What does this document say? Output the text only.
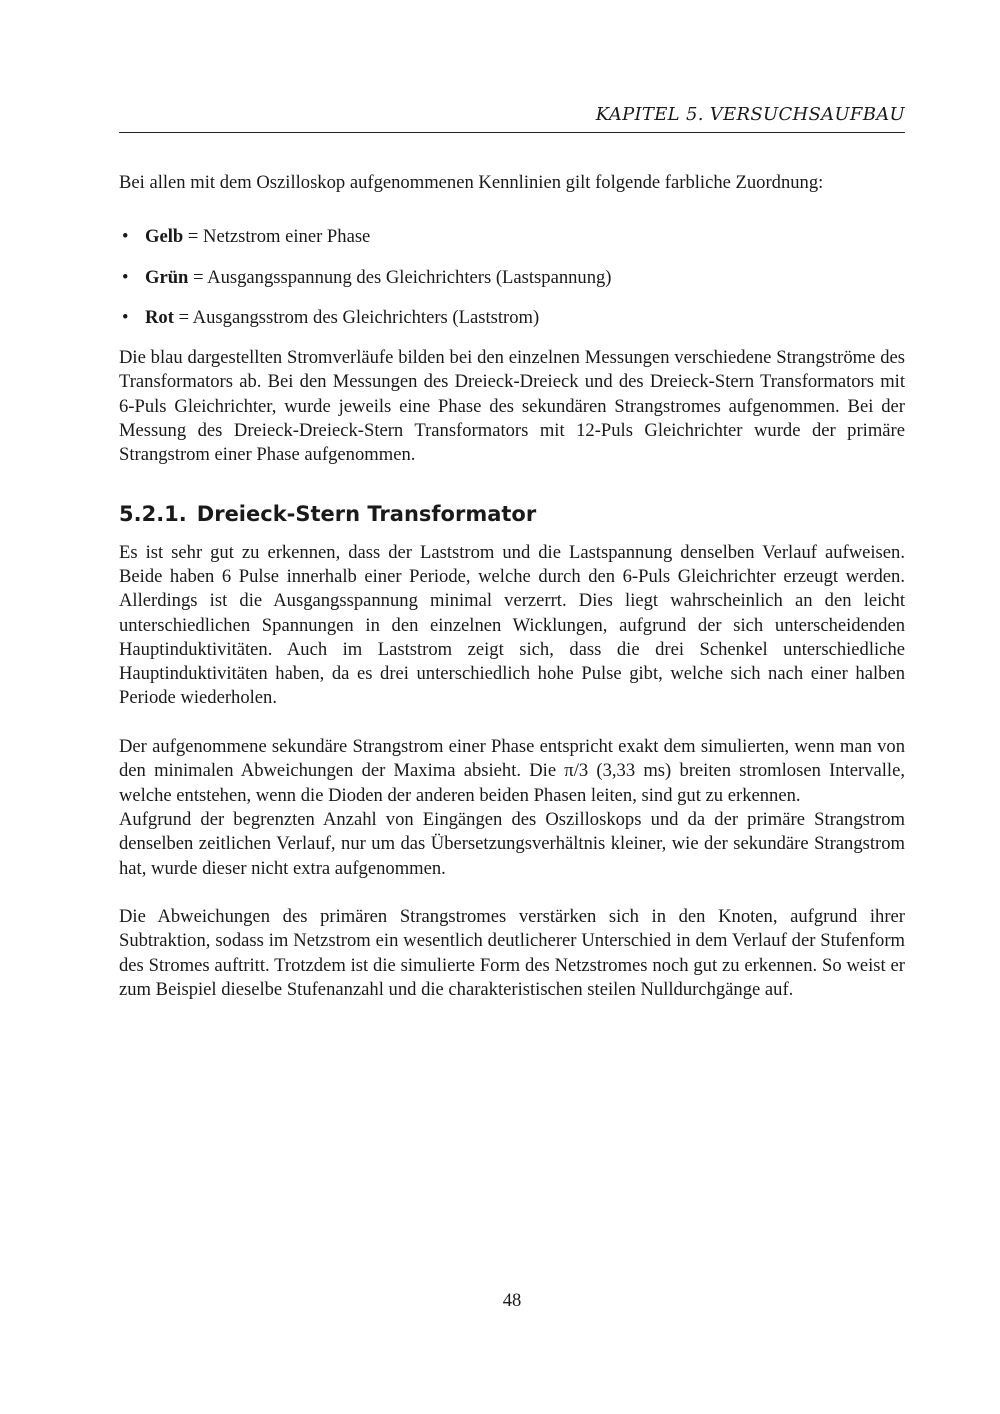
KAPITEL 5. VERSUCHSAUFBAU

Bei allen mit dem Oszilloskop aufgenommenen Kennlinien gilt folgende farbliche Zuordnung:

• Gelb = Netzstrom einer Phase
• Grün = Ausgangsspannung des Gleichrichters (Lastspannung)
• Rot = Ausgangsstrom des Gleichrichters (Laststrom)

Die blau dargestellten Stromverläufe bilden bei den einzelnen Messungen verschiedene Strangströme des Transformators ab. Bei den Messungen des Dreieck-Dreieck und des Dreieck-Stern Transformators mit 6-Puls Gleichrichter, wurde jeweils eine Phase des sekundären Strangstromes aufgenommen. Bei der Messung des Dreieck-Dreieck-Stern Transformators mit 12-Puls Gleichrichter wurde der primäre Strangstrom einer Phase aufgenommen.

5.2.1. Dreieck-Stern Transformator

Es ist sehr gut zu erkennen, dass der Laststrom und die Lastspannung denselben Verlauf aufweisen. Beide haben 6 Pulse innerhalb einer Periode, welche durch den 6-Puls Gleichrichter erzeugt werden. Allerdings ist die Ausgangsspannung minimal verzerrt. Dies liegt wahrscheinlich an den leicht unterschiedlichen Spannungen in den einzelnen Wicklungen, aufgrund der sich unterscheidenden Hauptinduktivitäten. Auch im Laststrom zeigt sich, dass die drei Schenkel unterschiedliche Hauptinduktivitäten haben, da es drei unterschiedlich hohe Pulse gibt, welche sich nach einer halben Periode wiederholen.

Der aufgenommene sekundäre Strangstrom einer Phase entspricht exakt dem simulierten, wenn man von den minimalen Abweichungen der Maxima absieht. Die π/3 (3,33 ms) breiten stromlosen Intervalle, welche entstehen, wenn die Dioden der anderen beiden Phasen leiten, sind gut zu erkennen.

Aufgrund der begrenzten Anzahl von Eingängen des Oszilloskops und da der primäre Strangstrom denselben zeitlichen Verlauf, nur um das Übersetzungsverhältnis kleiner, wie der sekundäre Strangstrom hat, wurde dieser nicht extra aufgenommen.

Die Abweichungen des primären Strangstromes verstärken sich in den Knoten, aufgrund ihrer Subtraktion, sodass im Netzstrom ein wesentlich deutlicherer Unterschied in dem Verlauf der Stufenform des Stromes auftritt. Trotzdem ist die simulierte Form des Netzstromes noch gut zu erkennen. So weist er zum Beispiel dieselbe Stufenanzahl und die charakteristischen steilen Nulldurchgänge auf.

48
